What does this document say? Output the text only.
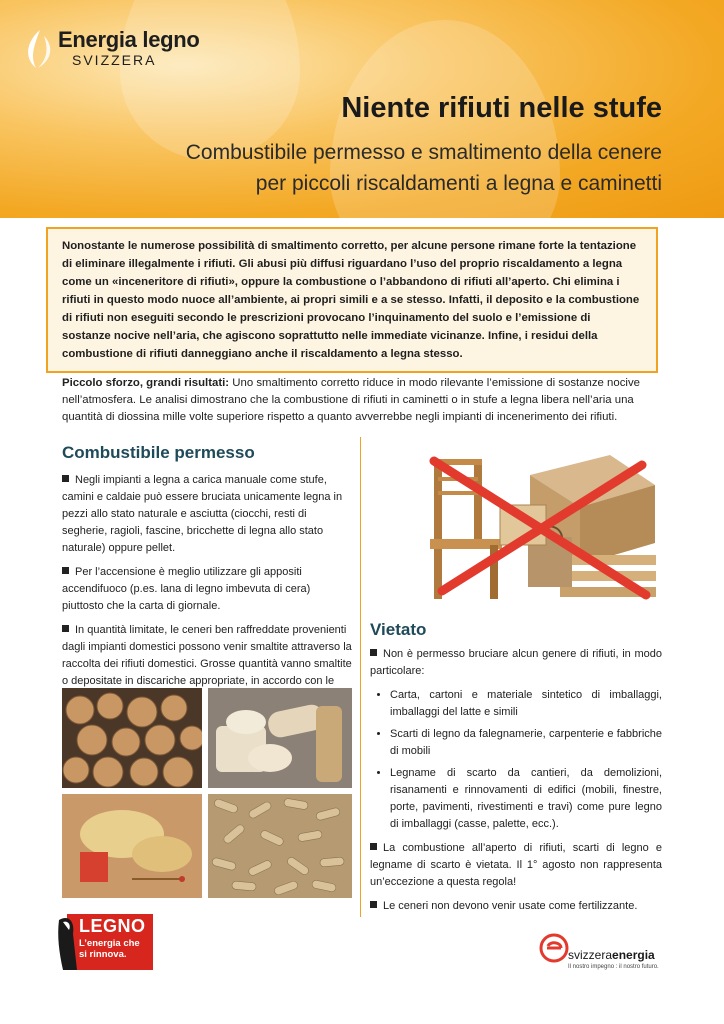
Energia legno
SVIZZERA
Niente rifiuti nelle stufe
Combustibile permesso e smaltimento della cenere
per piccoli riscaldamenti a legna e caminetti
Nonostante le numerose possibilità di smaltimento corretto, per alcune persone rimane forte la tentazione di eliminare illegalmente i rifiuti. Gli abusi più diffusi riguardano l’uso del proprio riscaldamento a legna come un «inceneritore di rifiuti», oppure la combustione o l’abbandono di rifiuti all’aperto. Chi elimina i rifiuti in questo modo nuoce all’ambiente, ai propri simili e a se stesso. Infatti, il deposito e la combustione di rifiuti non eseguiti secondo le prescrizioni provocano l’inquinamento del suolo e l’emissione di sostanze nocive nell’aria, che agiscono soprattutto nelle immediate vicinanze. Infine, i residui della combustione di rifiuti danneggiano anche il riscaldamento a legna stesso.
Piccolo sforzo, grandi risultati: Uno smaltimento corretto riduce in modo rilevante l’emissione di sostanze nocive nell’atmosfera. Le analisi dimostrano che la combustione di rifiuti in caminetti o in stufe a legna libera nell’aria una quantità di diossina mille volte superiore rispetto a quanto avverrebbe negli impianti di incenerimento dei rifiuti.
Combustibile permesso

Negli impianti a legna a carica manuale come stufe, camini e caldaie può essere bruciata unicamente legna in pezzi allo stato naturale e asciutta (ciocchi, resti di segherie, ragioli, fascine, bricchette di legna allo stato naturale) oppure pellet.

Per l’accensione è meglio utilizzare gli appositi accendifuoco (p.es. lana di legno imbevuta di cera) piuttosto che la carta di giornale.

In quantità limitate, le ceneri ben raffreddate provenienti dagli impianti domestici possono venir smaltite attraverso la raccolta dei rifiuti domestici. Grosse quantità vanno smaltite o depositate in discariche appropriate, in accordo con le

Vietato

Non è permesso bruciare alcun genere di rifiuti, in modo particolare:

• Carta, cartoni e materiale sintetico di imballaggi, imballaggi del latte e simili
• Scarti di legno da falegnamerie, carpenterie e fabbriche di mobili
• Legname di scarto da cantieri, da demolizioni, risanamenti e rinnovamenti di edifici (mobili, finestre, porte, pavimenti, rivestimenti e travi) come pure legno di imballaggi (casse, palette, ecc.).

La combustione all’aperto di rifiuti, scarti di legno e legname di scarto è vietata. Il 1° agosto non rappresenta un’eccezione a questa regola!

Le ceneri non devono venir usate come fertilizzante.

LEGNO
L’energia che
si rinnova.	svizzeraenergia
Il nostro impegno : il nostro futuro.
